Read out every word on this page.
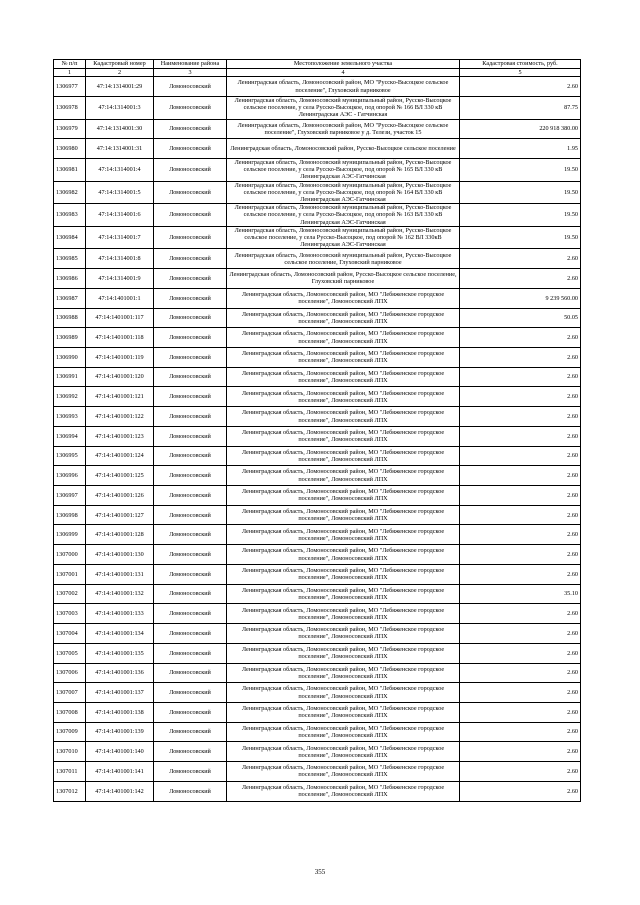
№ п/п	Кадастровый номер	Наименование района	Местоположение земельного участка	Кадастровая стоимость, руб.
1	2	3	4	5
1306977	47:14:1314001:29	Ломоносовский	Ленинградская область, Ломоносовский район, МО "Русско-Высоцкое сельское поселение", Глуховский парниковое	2.60
1306978	47:14:1314001:3	Ломоносовский	Ленинградская область, Ломоносовский муниципальный район, Русско-Высоцкое сельское поселение, у села Русско-Высоцкое, под опорой № 166 ВЛ 330 кВ Ленинградская АЭС - Гатчинская	87.75
1306979	47:14:1314001:30	Ломоносовский	Ленинградская область, Ломоносовский район, МО "Русско-Высоцкое сельское поселение", Глуховский парниковое у д. Телези, участок 15	220 918 380.00
1306980	47:14:1314001:31	Ломоносовский	Ленинградская область, Ломоносовский район, Русско-Высоцкое сельское поселение	1.95
1306981	47:14:1314001:4	Ломоносовский	Ленинградская область, Ломоносовский муниципальный район, Русско-Высоцкое сельское поселение, у села Русско-Высоцкое, под опорой № 165 ВЛ 330 кВ Ленинградская АЭС-Гатчинская	19.50
1306982	47:14:1314001:5	Ломоносовский	Ленинградская область, Ломоносовский муниципальный район, Русско-Высоцкое сельское поселение, у села Русско-Высоцкое, под опорой № 164 ВЛ 330 кВ Ленинградская АЭС-Гатчинская	19.50
1306983	47:14:1314001:6	Ломоносовский	Ленинградская область, Ломоносовский муниципальный район, Русско-Высоцкое сельское поселение, у села Русско-Высоцкое, под опорой № 163 ВЛ 330 кВ Ленинградская АЭС-Гатчинская	19.50
1306984	47:14:1314001:7	Ломоносовский	Ленинградская область, Ломоносовский муниципальный район, Русско-Высоцкое сельское поселение, у села Русско-Высоцкое, под опорой № 162 ВЛ 330кВ Ленинградская АЭС-Гатчинская	19.50
1306985	47:14:1314001:8	Ломоносовский	Ленинградская область, Ломоносовский муниципальный район, Русско-Высоцкое сельское поселение, Глуховский парниковое	2.60
1306986	47:14:1314001:9	Ломоносовский	Ленинградская область, Ломоносовский район, Русско-Высоцкое сельское поселение, Глуховский парниковое	2.60
1306987	47:14:1401001:1	Ломоносовский	Ленинградская область, Ломоносовский район, МО "Лебяженское городское поселение", Ломоносовский ЛПХ	9 239 560.00
1306988	47:14:1401001:117	Ломоносовский	Ленинградская область, Ломоносовский район, МО "Лебяженское городское поселение", Ломоносовский ЛПХ	50.05
1306989	47:14:1401001:118	Ломоносовский	Ленинградская область, Ломоносовский район, МО "Лебяженское городское поселение", Ломоносовский ЛПХ	2.60
1306990	47:14:1401001:119	Ломоносовский	Ленинградская область, Ломоносовский район, МО "Лебяженское городское поселение", Ломоносовский ЛПХ	2.60
1306991	47:14:1401001:120	Ломоносовский	Ленинградская область, Ломоносовский район, МО "Лебяженское городское поселение", Ломоносовский ЛПХ	2.60
1306992	47:14:1401001:121	Ломоносовский	Ленинградская область, Ломоносовский район, МО "Лебяженское городское поселение", Ломоносовский ЛПХ	2.60
1306993	47:14:1401001:122	Ломоносовский	Ленинградская область, Ломоносовский район, МО "Лебяженское городское поселение", Ломоносовский ЛПХ	2.60
1306994	47:14:1401001:123	Ломоносовский	Ленинградская область, Ломоносовский район, МО "Лебяженское городское поселение", Ломоносовский ЛПХ	2.60
1306995	47:14:1401001:124	Ломоносовский	Ленинградская область, Ломоносовский район, МО "Лебяженское городское поселение", Ломоносовский ЛПХ	2.60
1306996	47:14:1401001:125	Ломоносовский	Ленинградская область, Ломоносовский район, МО "Лебяженское городское поселение", Ломоносовский ЛПХ	2.60
1306997	47:14:1401001:126	Ломоносовский	Ленинградская область, Ломоносовский район, МО "Лебяженское городское поселение", Ломоносовский ЛПХ	2.60
1306998	47:14:1401001:127	Ломоносовский	Ленинградская область, Ломоносовский район, МО "Лебяженское городское поселение", Ломоносовский ЛПХ	2.60
1306999	47:14:1401001:128	Ломоносовский	Ленинградская область, Ломоносовский район, МО "Лебяженское городское поселение", Ломоносовский ЛПХ	2.60
1307000	47:14:1401001:130	Ломоносовский	Ленинградская область, Ломоносовский район, МО "Лебяженское городское поселение", Ломоносовский ЛПХ	2.60
1307001	47:14:1401001:131	Ломоносовский	Ленинградская область, Ломоносовский район, МО "Лебяженское городское поселение", Ломоносовский ЛПХ	2.60
1307002	47:14:1401001:132	Ломоносовский	Ленинградская область, Ломоносовский район, МО "Лебяженское городское поселение", Ломоносовский ЛПХ	35.10
1307003	47:14:1401001:133	Ломоносовский	Ленинградская область, Ломоносовский район, МО "Лебяженское городское поселение", Ломоносовский ЛПХ	2.60
1307004	47:14:1401001:134	Ломоносовский	Ленинградская область, Ломоносовский район, МО "Лебяженское городское поселение", Ломоносовский ЛПХ	2.60
1307005	47:14:1401001:135	Ломоносовский	Ленинградская область, Ломоносовский район, МО "Лебяженское городское поселение", Ломоносовский ЛПХ	2.60
1307006	47:14:1401001:136	Ломоносовский	Ленинградская область, Ломоносовский район, МО "Лебяженское городское поселение", Ломоносовский ЛПХ	2.60
1307007	47:14:1401001:137	Ломоносовский	Ленинградская область, Ломоносовский район, МО "Лебяженское городское поселение", Ломоносовский ЛПХ	2.60
1307008	47:14:1401001:138	Ломоносовский	Ленинградская область, Ломоносовский район, МО "Лебяженское городское поселение", Ломоносовский ЛПХ	2.60
1307009	47:14:1401001:139	Ломоносовский	Ленинградская область, Ломоносовский район, МО "Лебяженское городское поселение", Ломоносовский ЛПХ	2.60
1307010	47:14:1401001:140	Ломоносовский	Ленинградская область, Ломоносовский район, МО "Лебяженское городское поселение", Ломоносовский ЛПХ	2.60
1307011	47:14:1401001:141	Ломоносовский	Ленинградская область, Ломоносовский район, МО "Лебяженское городское поселение", Ломоносовский ЛПХ	2.60
1307012	47:14:1401001:142	Ломоносовский	Ленинградская область, Ломоносовский район, МО "Лебяженское городское поселение", Ломоносовский ЛПХ	2.60
355
